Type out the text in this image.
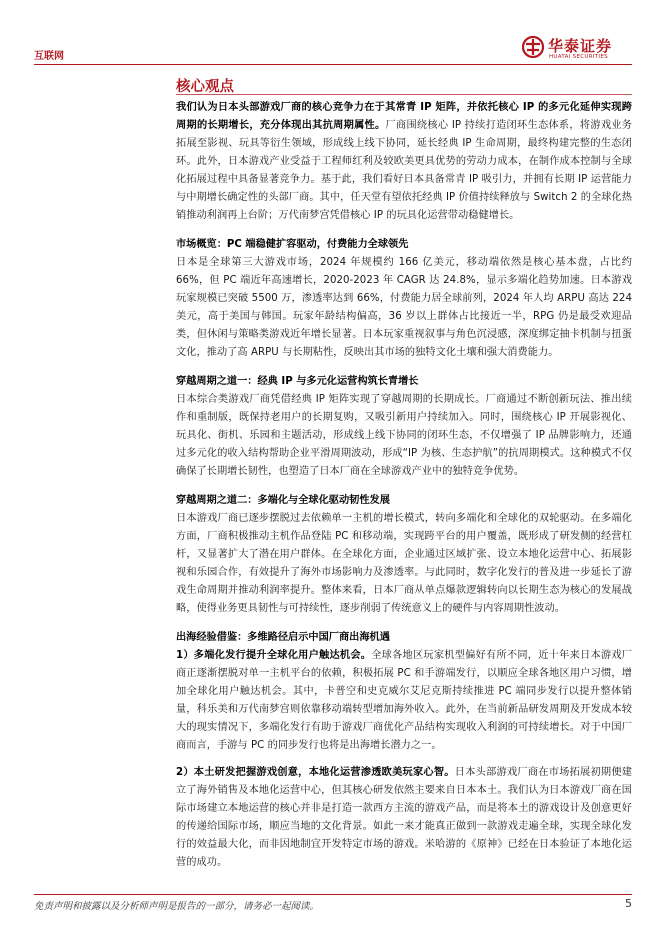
互联网
华泰证券
HUATAI SECURITIES
核心观点

我们认为日本头部游戏厂商的核心竞争力在于其常青 IP 矩阵，并依托核心 IP 的多元化延伸实现跨周期的长期增长，充分体现出其抗周期属性。厂商围绕核心 IP 持续打造闭环生态体系，将游戏业务拓展至影视、玩具等衍生领域，形成线上线下协同，延长经典 IP 生命周期，最终构建完整的生态闭环。此外，日本游戏产业受益于工程师红利及较欧美更具优势的劳动力成本，在制作成本控制与全球化拓展过程中具备显著竞争力。基于此，我们看好日本具备常青 IP 吸引力，并拥有长期 IP 运营能力与中期增长确定性的头部厂商。其中，任天堂有望依托经典 IP 价值持续释放与 Switch 2 的全球化热销推动利润再上台阶；万代南梦宫凭借核心 IP 的玩具化运营带动稳健增长。

市场概览：PC 端稳健扩容驱动，付费能力全球领先

日本是全球第三大游戏市场，2024 年规模约 166 亿美元，移动端依然是核心基本盘，占比约 66%，但 PC 端近年高速增长，2020-2023 年 CAGR 达 24.8%，显示多端化趋势加速。日本游戏玩家规模已突破 5500 万，渗透率达到 66%，付费能力居全球前列，2024 年人均 ARPU 高达 224 美元，高于美国与韩国。玩家年龄结构偏高，36 岁以上群体占比接近一半，RPG 仍是最受欢迎品类，但休闲与策略类游戏近年增长显著。日本玩家重视叙事与角色沉浸感，深度绑定抽卡机制与扭蛋文化，推动了高 ARPU 与长期粘性，反映出其市场的独特文化土壤和强大消费能力。

穿越周期之道一：经典 IP 与多元化运营构筑长青增长

日本综合类游戏厂商凭借经典 IP 矩阵实现了穿越周期的长期成长。厂商通过不断创新玩法、推出续作和重制版，既保持老用户的长期复购，又吸引新用户持续加入。同时，围绕核心 IP 开展影视化、玩具化、街机、乐园和主题活动，形成线上线下协同的闭环生态，不仅增强了 IP 品牌影响力，还通过多元化的收入结构帮助企业平滑周期波动，形成“IP 为核、生态护航”的抗周期模式。这种模式不仅确保了长期增长韧性，也塑造了日本厂商在全球游戏产业中的独特竞争优势。

穿越周期之道二：多端化与全球化驱动韧性发展

日本游戏厂商已逐步摆脱过去依赖单一主机的增长模式，转向多端化和全球化的双轮驱动。在多端化方面，厂商积极推动主机作品登陆 PC 和移动端，实现跨平台的用户覆盖，既形成了研发侧的经营杠杆，又显著扩大了潜在用户群体。在全球化方面，企业通过区域扩张、设立本地化运营中心、拓展影视和乐园合作，有效提升了海外市场影响力及渗透率。与此同时，数字化发行的普及进一步延长了游戏生命周期并推动利润率提升。整体来看，日本厂商从单点爆款逻辑转向以长期生态为核心的发展战略，使得业务更具韧性与可持续性，逐步削弱了传统意义上的硬件与内容周期性波动。

出海经验借鉴：多维路径启示中国厂商出海机遇

1）多端化发行提升全球化用户触达机会。全球各地区玩家机型偏好有所不同，近十年来日本游戏厂商正逐渐摆脱对单一主机平台的依赖，积极拓展 PC 和手游端发行，以顺应全球各地区用户习惯，增加全球化用户触达机会。其中，卡普空和史克威尔艾尼克斯持续推进 PC 端同步发行以提升整体销量，科乐美和万代南梦宫则依靠移动端转型增加海外收入。此外，在当前新品研发周期及开发成本较大的现实情况下，多端化发行有助于游戏厂商优化产品结构实现收入利润的可持续增长。对于中国厂商而言，手游与 PC 的同步发行也将是出海增长潜力之一。

2）本土研发把握游戏创意，本地化运营渗透欧美玩家心智。日本头部游戏厂商在市场拓展初期便建立了海外销售及本地化运营中心，但其核心研发依然主要来自日本本土。我们认为日本游戏厂商在国际市场建立本地运营的核心并非是打造一款西方主流的游戏产品，而是将本土的游戏设计及创意更好的传递给国际市场，顺应当地的文化背景。如此一来才能真正做到一款游戏走遍全球，实现全球化发行的效益最大化，而非因地制宜开发特定市场的游戏。米哈游的《原神》已经在日本验证了本地化运营的成功。

免责声明和披露以及分析师声明是报告的一部分，请务必一起阅读。	5
